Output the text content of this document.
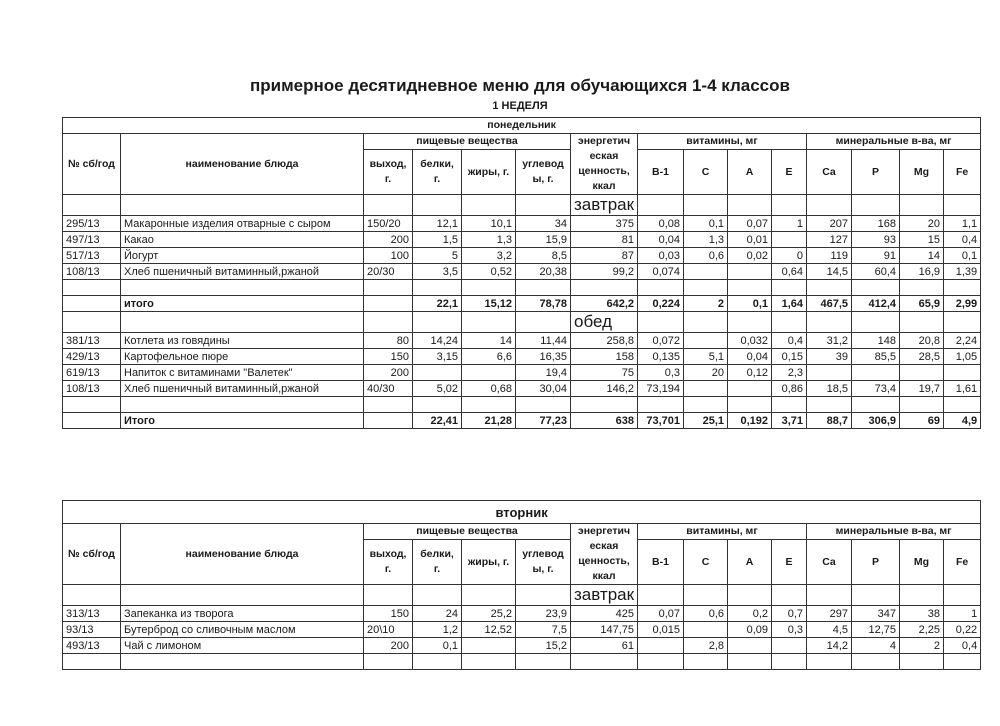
примерное десятидневное меню для обучающихся 1-4 классов
1 НЕДЕЛЯ
понедельник														
№ сб/год	наименование блюда	пищевые вещества				энергетич еская ценность, ккал	витамины, мг				минеральные в-ва, мг			
		выход, г.	белки, г.	жиры, г.	углевод ы, г.		B-1	C	A	E	Ca	P	Mg	Fe
						завтрак								
295/13	Макаронные изделия отварные с сыром	150/20	12,1	10,1	34	375	0,08	0,1	0,07	1	207	168	20	1,1
497/13	Какао	200	1,5	1,3	15,9	81	0,04	1,3	0,01		127	93	15	0,4
517/13	Йогурт	100	5	3,2	8,5	87	0,03	0,6	0,02	0	119	91	14	0,1
108/13	Хлеб пшеничный витаминный,ржаной	20/30	3,5	0,52	20,38	99,2	0,074			0,64	14,5	60,4	16,9	1,39

	итого		22,1	15,12	78,78	642,2	0,224	2	0,1	1,64	467,5	412,4	65,9	2,99
						обед								
381/13	Котлета из говядины	80	14,24	14	11,44	258,8	0,072		0,032	0,4	31,2	148	20,8	2,24
429/13	Картофельное пюре	150	3,15	6,6	16,35	158	0,135	5,1	0,04	0,15	39	85,5	28,5	1,05
619/13	Напиток с витаминами "Валетек"	200			19,4	75	0,3	20	0,12	2,3				
108/13	Хлеб пшеничный витаминный,ржаной	40/30	5,02	0,68	30,04	146,2	73,194			0,86	18,5	73,4	19,7	1,61

	Итого		22,41	21,28	77,23	638	73,701	25,1	0,192	3,71	88,7	306,9	69	4,9
вторник														
№ сб/год	наименование блюда	пищевые вещества				энергетич еская ценность, ккал	витамины, мг				минеральные в-ва, мг			
		выход, г.	белки, г.	жиры, г.	углевод ы, г.		B-1	C	A	E	Ca	P	Mg	Fe
						завтрак								
313/13	Запеканка из творога	150	24	25,2	23,9	425	0,07	0,6	0,2	0,7	297	347	38	1
93/13	Бутерброд со сливочным маслом	20\10	1,2	12,52	7,5	147,75	0,015		0,09	0,3	4,5	12,75	2,25	0,22
493/13	Чай с лимоном	200	0,1		15,2	61		2,8			14,2	4	2	0,4
